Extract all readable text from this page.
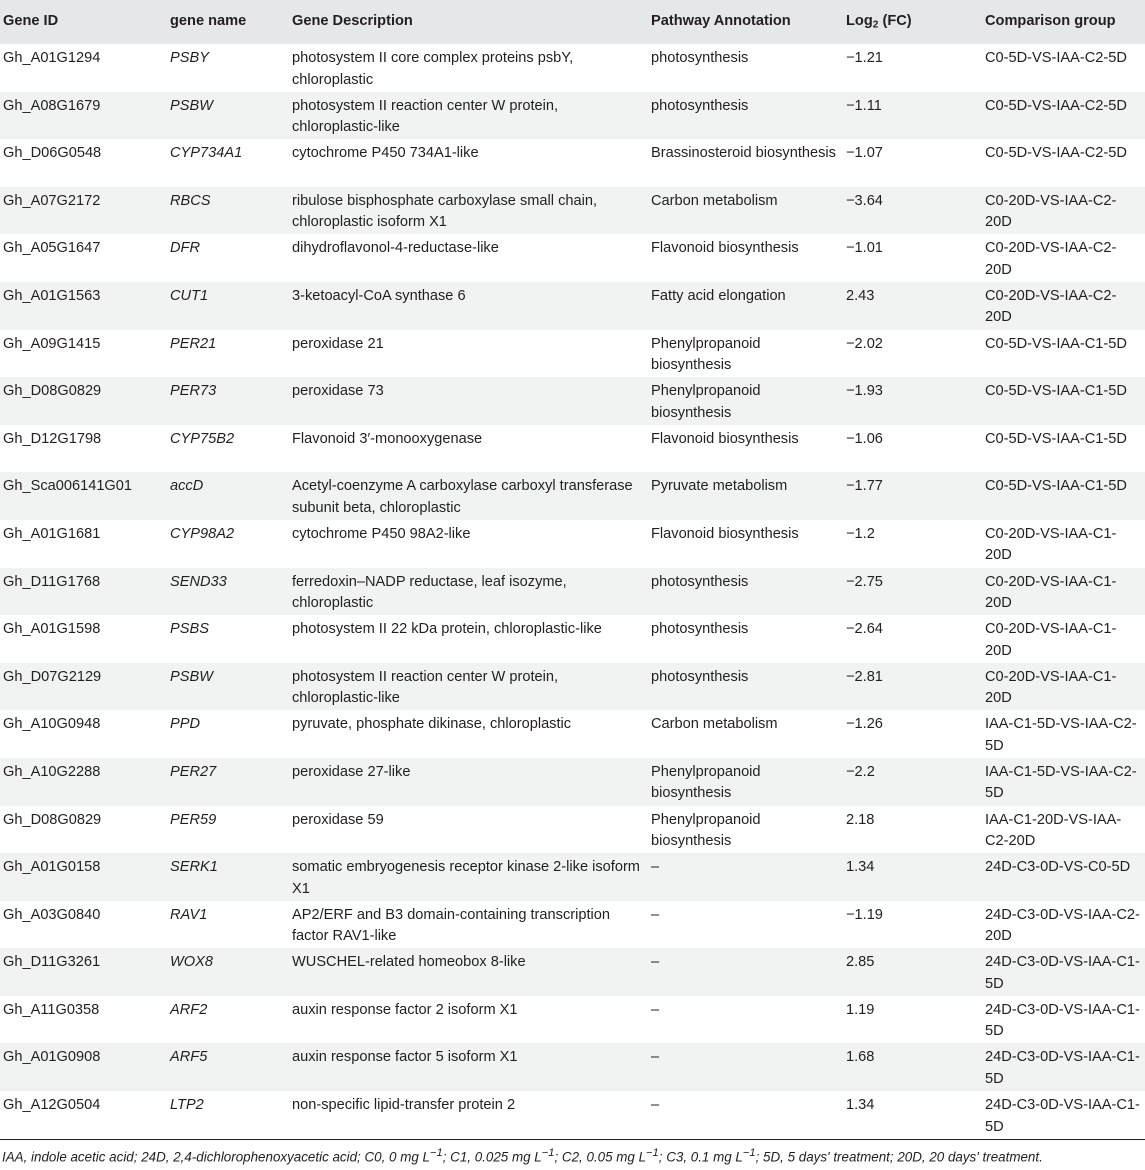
Gene ID	gene name	Gene Description	Pathway Annotation	Log$_2$ (FC)	Comparison group
Gh_A01G1294	PSBY	photosystem II core complex proteins psbY, chloroplastic	photosynthesis	−1.21	C0-5D-VS-IAA-C2-5D
Gh_A08G1679	PSBW	photosystem II reaction center W protein, chloroplastic-like	photosynthesis	−1.11	C0-5D-VS-IAA-C2-5D
Gh_D06G0548	CYP734A1	cytochrome P450 734A1-like	Brassinosteroid biosynthesis	−1.07	C0-5D-VS-IAA-C2-5D
Gh_A07G2172	RBCS	ribulose bisphosphate carboxylase small chain, chloroplastic isoform X1	Carbon metabolism	−3.64	C0-20D-VS-IAA-C2-20D
Gh_A05G1647	DFR	dihydroflavonol-4-reductase-like	Flavonoid biosynthesis	−1.01	C0-20D-VS-IAA-C2-20D
Gh_A01G1563	CUT1	3-ketoacyl-CoA synthase 6	Fatty acid elongation	2.43	C0-20D-VS-IAA-C2-20D
Gh_A09G1415	PER21	peroxidase 21	Phenylpropanoid biosynthesis	−2.02	C0-5D-VS-IAA-C1-5D
Gh_D08G0829	PER73	peroxidase 73	Phenylpropanoid biosynthesis	−1.93	C0-5D-VS-IAA-C1-5D
Gh_D12G1798	CYP75B2	Flavonoid 3′-monooxygenase	Flavonoid biosynthesis	−1.06	C0-5D-VS-IAA-C1-5D
Gh_Sca006141G01	accD	Acetyl-coenzyme A carboxylase carboxyl transferase subunit beta, chloroplastic	Pyruvate metabolism	−1.77	C0-5D-VS-IAA-C1-5D
Gh_A01G1681	CYP98A2	cytochrome P450 98A2-like	Flavonoid biosynthesis	−1.2	C0-20D-VS-IAA-C1-20D
Gh_D11G1768	SEND33	ferredoxin–NADP reductase, leaf isozyme, chloroplastic	photosynthesis	−2.75	C0-20D-VS-IAA-C1-20D
Gh_A01G1598	PSBS	photosystem II 22 kDa protein, chloroplastic-like	photosynthesis	−2.64	C0-20D-VS-IAA-C1-20D
Gh_D07G2129	PSBW	photosystem II reaction center W protein, chloroplastic-like	photosynthesis	−2.81	C0-20D-VS-IAA-C1-20D
Gh_A10G0948	PPD	pyruvate, phosphate dikinase, chloroplastic	Carbon metabolism	−1.26	IAA-C1-5D-VS-IAA-C2-5D
Gh_A10G2288	PER27	peroxidase 27-like	Phenylpropanoid biosynthesis	−2.2	IAA-C1-5D-VS-IAA-C2-5D
Gh_D08G0829	PER59	peroxidase 59	Phenylpropanoid biosynthesis	2.18	IAA-C1-20D-VS-IAA-C2-20D
Gh_A01G0158	SERK1	somatic embryogenesis receptor kinase 2-like isoform X1	–	1.34	24D-C3-0D-VS-C0-5D
Gh_A03G0840	RAV1	AP2/ERF and B3 domain-containing transcription factor RAV1-like	–	−1.19	24D-C3-0D-VS-IAA-C2-20D
Gh_D11G3261	WOX8	WUSCHEL-related homeobox 8-like	–	2.85	24D-C3-0D-VS-IAA-C1-5D
Gh_A11G0358	ARF2	auxin response factor 2 isoform X1	–	1.19	24D-C3-0D-VS-IAA-C1-5D
Gh_A01G0908	ARF5	auxin response factor 5 isoform X1	–	1.68	24D-C3-0D-VS-IAA-C1-5D
Gh_A12G0504	LTP2	non-specific lipid-transfer protein 2	–	1.34	24D-C3-0D-VS-IAA-C1-5D
IAA, indole acetic acid; 24D, 2,4-dichlorophenoxyacetic acid; C0, 0 mg $L^{-1}$; C1, 0.025 mg $L^{-1}$; C2, 0.05 mg $L^{-1}$; C3, 0.1 mg $L^{-1}$; 5D, 5 days' treatment; 20D, 20 days' treatment.
